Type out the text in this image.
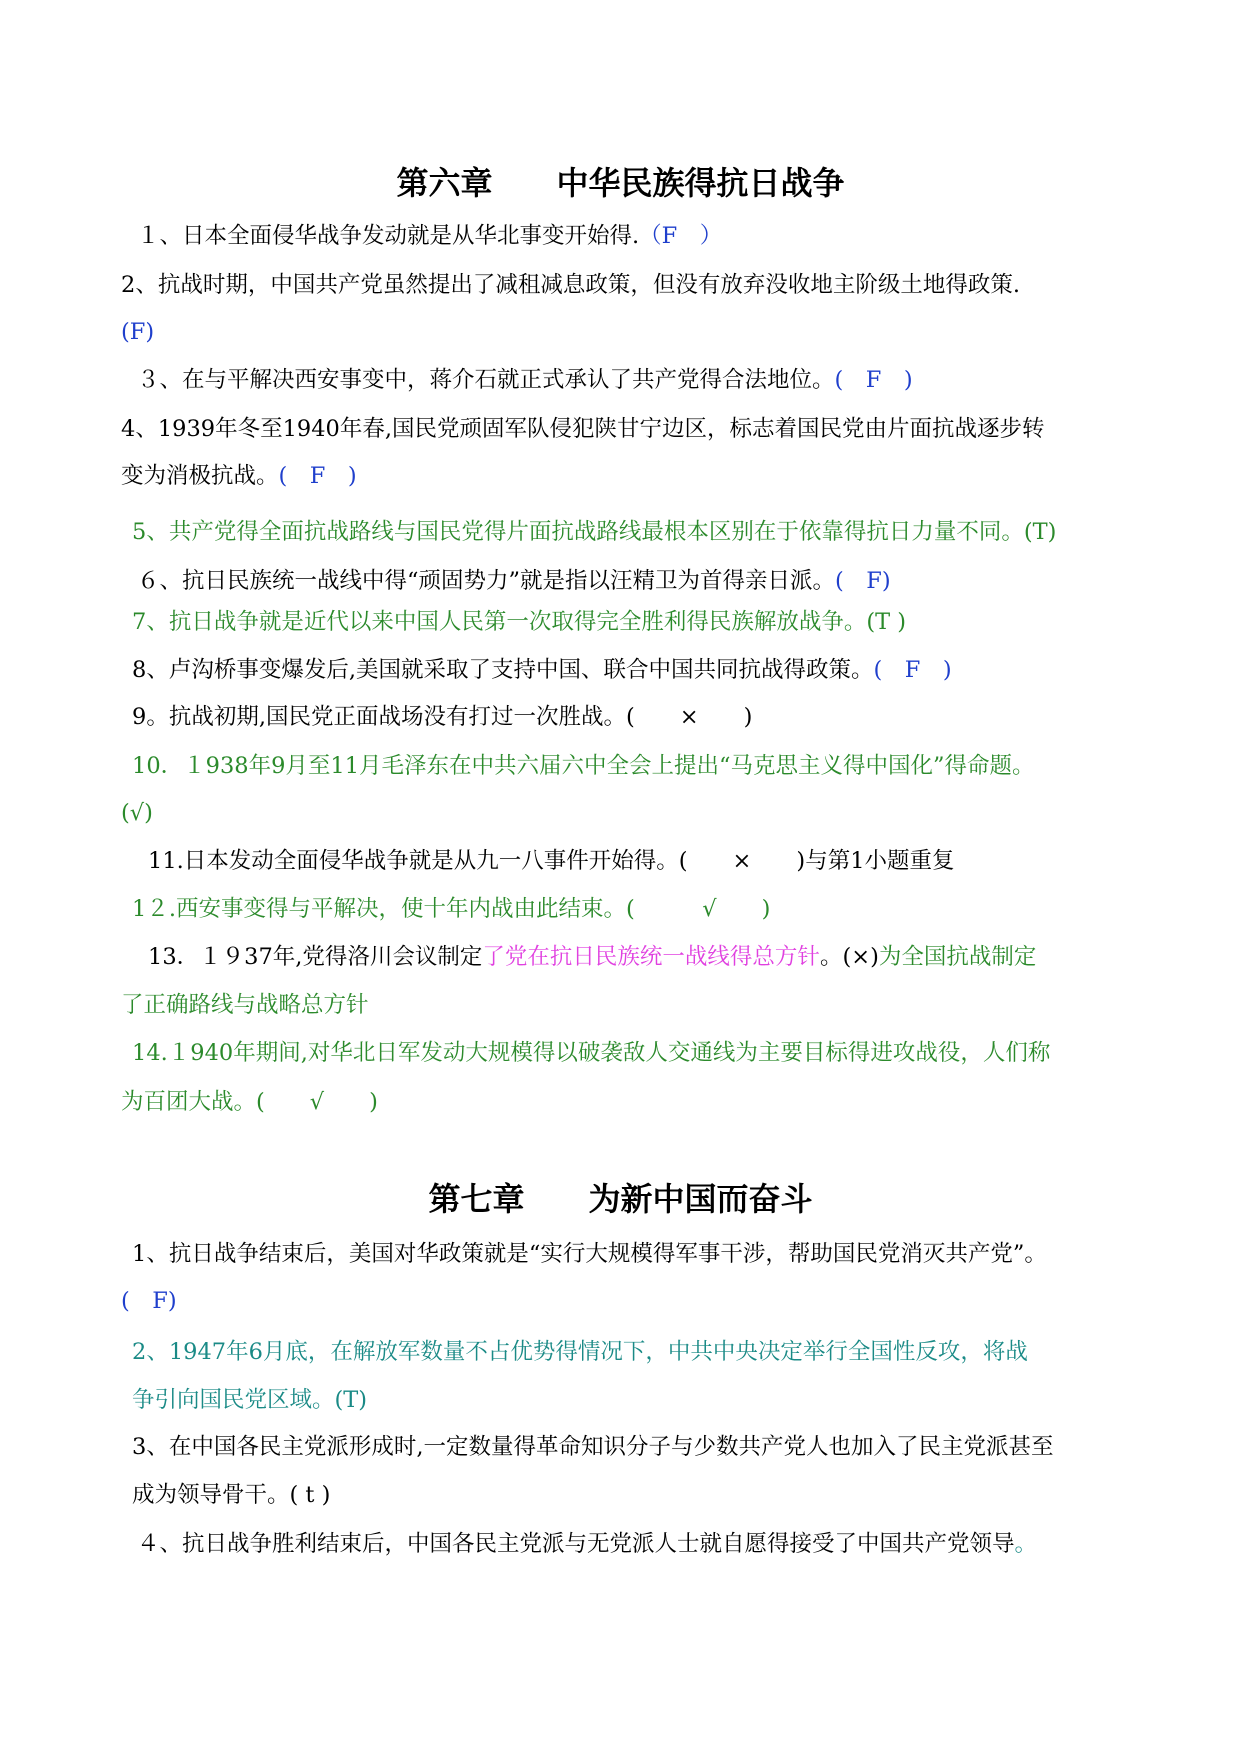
第六章　　中华民族得抗日战争
１、日本全面侵华战争发动就是从华北事变开始得.（F　）
2、抗战时期，中国共产党虽然提出了减租减息政策，但没有放弃没收地主阶级土地得政策.
(F)
３、在与平解决西安事变中，蒋介石就正式承认了共产党得合法地位。(　F　)
4、1939年冬至1940年春,国民党顽固军队侵犯陕甘宁边区，标志着国民党由片面抗战逐步转
变为消极抗战。(　F　)
5、共产党得全面抗战路线与国民党得片面抗战路线最根本区别在于依靠得抗日力量不同。(T)
６、抗日民族统一战线中得“顽固势力”就是指以汪精卫为首得亲日派。(　F)
7、抗日战争就是近代以来中国人民第一次取得完全胜利得民族解放战争。(T )
8、卢沟桥事变爆发后,美国就采取了支持中国、联合中国共同抗战得政策。(　F　)
9。抗战初期,国民党正面战场没有打过一次胜战。(　　×　　)
10．１938年9月至11月毛泽东在中共六届六中全会上提出“马克思主义得中国化”得命题。
(√)
11.日本发动全面侵华战争就是从九一八事件开始得。(　　×　　)与第1小题重复
1２.西安事变得与平解决，使十年内战由此结束。(　　　√　　)
13．１９37年,党得洛川会议制定了党在抗日民族统一战线得总方针。(×)为全国抗战制定
了正确路线与战略总方针
14.１940年期间,对华北日军发动大规模得以破袭敌人交通线为主要目标得进攻战役，人们称
为百团大战。(　　√　　)
第七章　　为新中国而奋斗
1、抗日战争结束后，美国对华政策就是“实行大规模得军事干涉，帮助国民党消灭共产党”。
(　F)
2、1947年6月底，在解放军数量不占优势得情况下，中共中央决定举行全国性反攻，将战
争引向国民党区域。(T)
3、在中国各民主党派形成时,一定数量得革命知识分子与少数共产党人也加入了民主党派甚至
成为领导骨干。( t )
４、抗日战争胜利结束后，中国各民主党派与无党派人士就自愿得接受了中国共产党领导。
